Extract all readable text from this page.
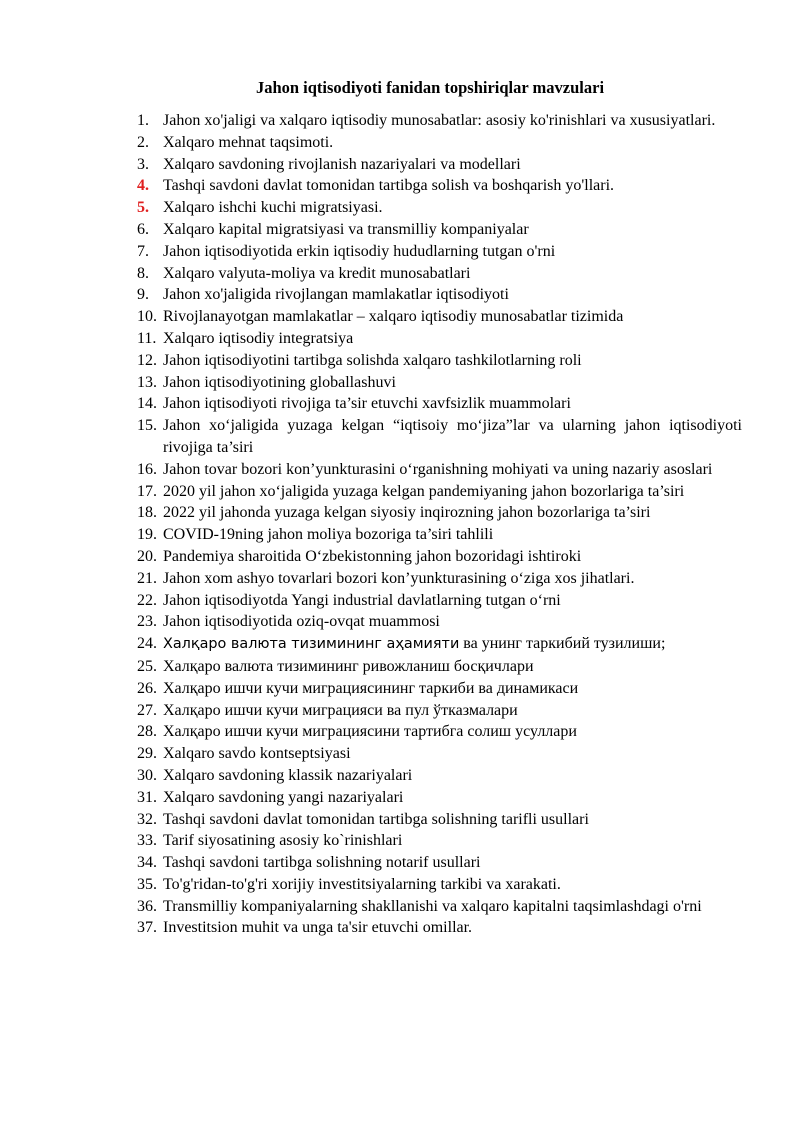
Jahon iqtisodiyoti fanidan topshiriqlar mavzulari
1. Jahon xo'jaligi va xalqaro iqtisodiy munosabatlar: asosiy ko'rinishlari va xususiyatlari.
2. Xalqaro mehnat taqsimoti.
3. Xalqaro savdoning rivojlanish nazariyalari va modellari
4. Tashqi savdoni davlat tomonidan tartibga solish va boshqarish yo'llari.
5. Xalqaro ishchi kuchi migratsiyasi.
6. Xalqaro kapital migratsiyasi va transmilliy kompaniyalar
7. Jahon iqtisodiyotida erkin iqtisodiy hududlarning tutgan o'rni
8. Xalqaro valyuta-moliya va kredit munosabatlari
9. Jahon xo'jaligida rivojlangan mamlakatlar iqtisodiyoti
10. Rivojlanayotgan mamlakatlar – xalqaro iqtisodiy munosabatlar tizimida
11. Xalqaro iqtisodiy integratsiya
12. Jahon iqtisodiyotini tartibga solishda xalqaro tashkilotlarning roli
13. Jahon iqtisodiyotining globallashuvi
14. Jahon iqtisodiyoti rivojiga ta’sir etuvchi xavfsizlik muammolari
15. Jahon xo‘jaligida yuzaga kelgan “iqtisoiy mo‘jiza”lar va ularning jahon iqtisodiyoti rivojiga ta’siri
16. Jahon tovar bozori kon’yunkturasini o‘rganishning mohiyati va uning nazariy asoslari
17. 2020 yil jahon xo‘jaligida yuzaga kelgan pandemiyaning jahon bozorlariga ta’siri
18. 2022 yil jahonda yuzaga kelgan siyosiy inqirozning jahon bozorlariga ta’siri
19. COVID-19ning jahon moliya bozoriga ta’siri tahlili
20. Pandemiya sharoitida O‘zbekistonning jahon bozoridagi ishtiroki
21. Jahon xom ashyo tovarlari bozori kon’yunkturasining o‘ziga xos jihatlari.
22. Jahon iqtisodiyotda Yangi industrial davlatlarning tutgan o‘rni
23. Jahon iqtisodiyotida oziq-ovqat muammosi
24. Халқаро валюта тизимининг аҳамияти ва унинг таркибий тузилиши;
25. Халқаро валюта тизимининг ривожланиш босқичлари
26. Халқаро ишчи кучи миграциясининг таркиби ва динамикаси
27. Халқаро ишчи кучи миграцияси ва пул ўтказмалари
28. Халқаро ишчи кучи миграциясини тартибга солиш усуллари
29. Xalqaro savdo kontseptsiyasi
30. Xalqaro savdoning klassik nazariyalari
31. Xalqaro savdoning yangi nazariyalari
32. Tashqi savdoni davlat tomonidan tartibga solishning tarifli usullari
33. Tarif siyosatining asosiy ko`rinishlari
34. Tashqi savdoni tartibga solishning notarif usullari
35. To'g'ridan-to'g'ri xorijiy investitsiyalarning tarkibi va xarakati.
36. Transmilliy kompaniyalarning shakllanishi va xalqaro kapitalni taqsimlashdagi o'rni
37. Investitsion muhit va unga ta'sir etuvchi omillar.
